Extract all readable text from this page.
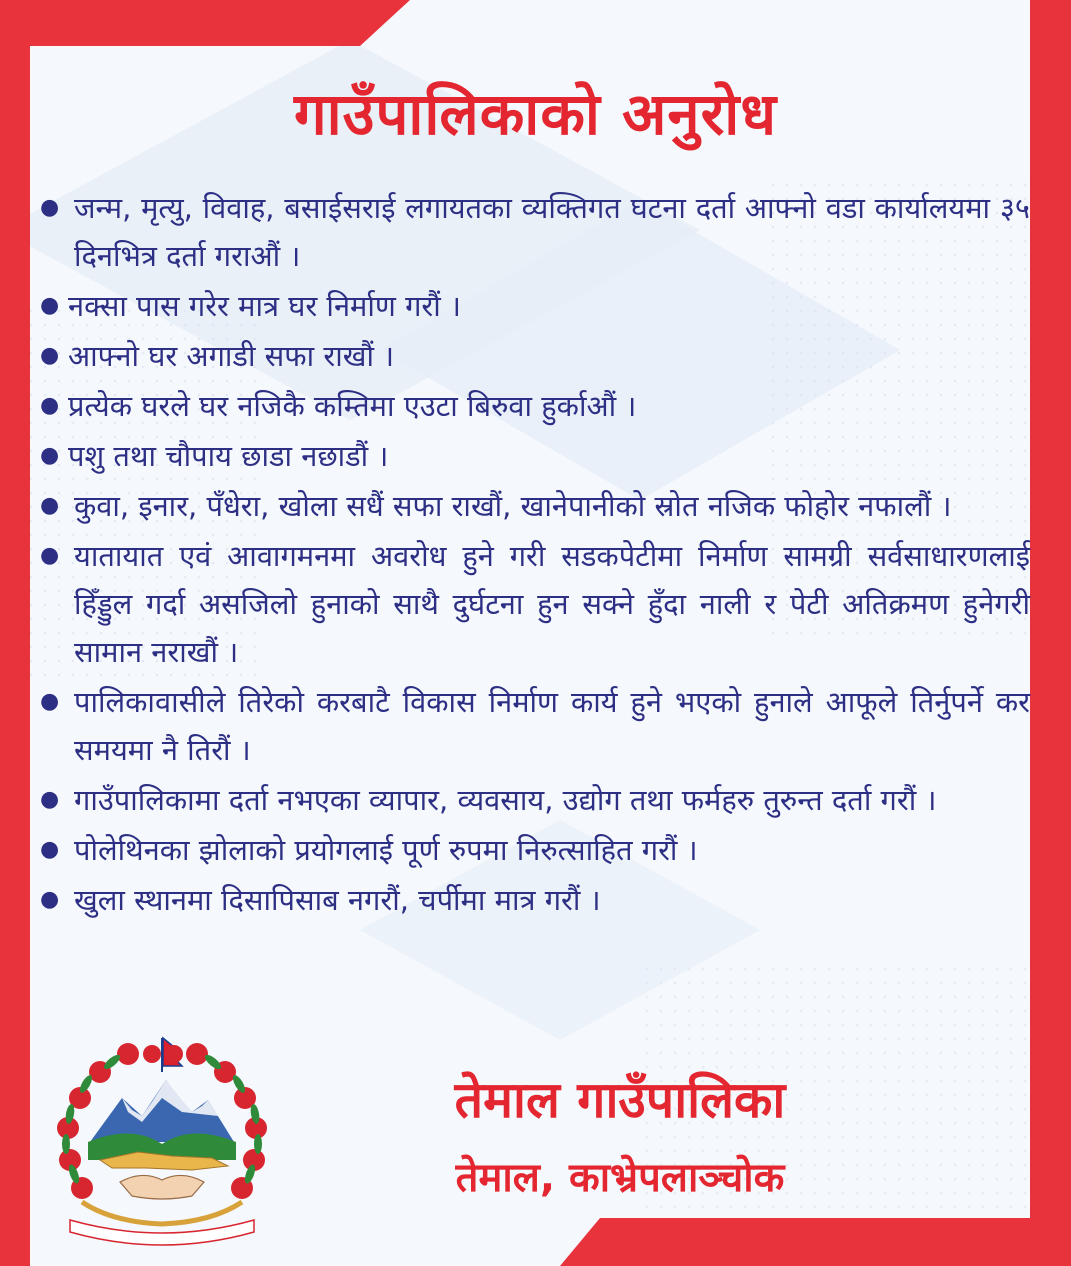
गाउँपालिकाको अनुरोध
● जन्म, मृत्यु, विवाह, बसाईसराई लगायतका व्यक्तिगत घटना दर्ता आफ्नो वडा कार्यालयमा ३५ दिनभित्र दर्ता गराऔं ।
● नक्सा पास गरेर मात्र घर निर्माण गरौं ।
● आफ्नो घर अगाडी सफा राखौं ।
● प्रत्येक घरले घर नजिकै कम्तिमा एउटा बिरुवा हुर्काऔं ।
● पशु तथा चौपाय छाडा नछाडौं ।
● कुवा, इनार, पँधेरा, खोला सधैं सफा राखौं, खानेपानीको स्रोत नजिक फोहोर नफालौं ।
● यातायात एवं आवागमनमा अवरोध हुने गरी सडकपेटीमा निर्माण सामग्री सर्वसाधारणलाई हिँड्डुल गर्दा असजिलो हुनाको साथै दुर्घटना हुन सक्ने हुँदा नाली र पेटी अतिक्रमण हुनेगरी सामान नराखौं ।
● पालिकावासीले तिरेको करबाटै विकास निर्माण कार्य हुने भएको हुनाले आफूले तिर्नुपर्ने कर समयमा नै तिरौं ।
● गाउँपालिकामा दर्ता नभएका व्यापार, व्यवसाय, उद्योग तथा फर्महरु तुरुन्त दर्ता गरौं ।
● पोलेथिनका झोलाको प्रयोगलाई पूर्ण रुपमा निरुत्साहित गरौं ।
● खुला स्थानमा दिसापिसाब नगरौं, चर्पीमा मात्र गरौं ।
तेमाल गाउँपालिका
तेमाल, काभ्रेपलाञ्चोक
